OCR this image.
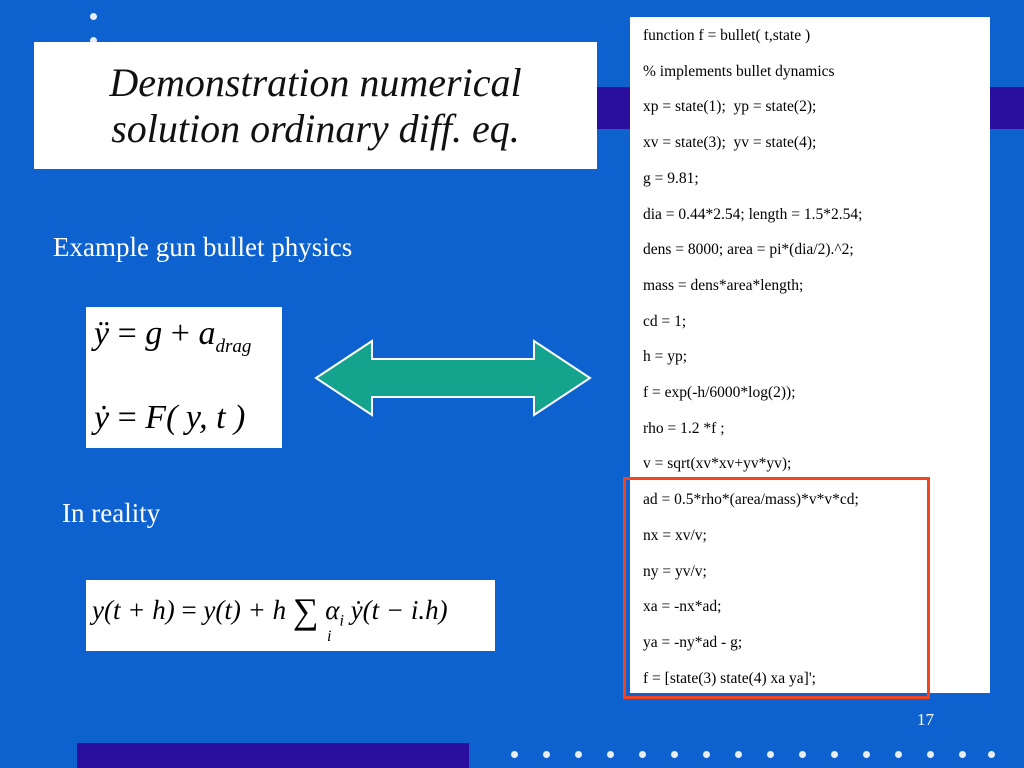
Demonstration numerical
solution ordinary diff. eq.
Example gun bullet physics
In reality
ÿ = $g + a_{drag}$
ẏ = F( y, t )
y(t + h) = y(t) + h ∑ $\alpha_i$ ẏ(t − i.h)
i
function f = bullet( t,state )
% implements bullet dynamics
xp = state(1);  yp = state(2);
xv = state(3);  yv = state(4);
g = 9.81;
dia = 0.44*2.54; length = 1.5*2.54;
dens = 8000; area = pi*(dia/2).^2;
mass = dens*area*length;
cd = 1;
h = yp;
f = exp(-h/6000*log(2));
rho = 1.2 *f ;
v = sqrt(xv*xv+yv*yv);
ad = 0.5*rho*(area/mass)*v*v*cd;
nx = xv/v;
ny = yv/v;
xa = -nx*ad;
ya = -ny*ad - g;
f = [state(3) state(4) xa ya]';
17
